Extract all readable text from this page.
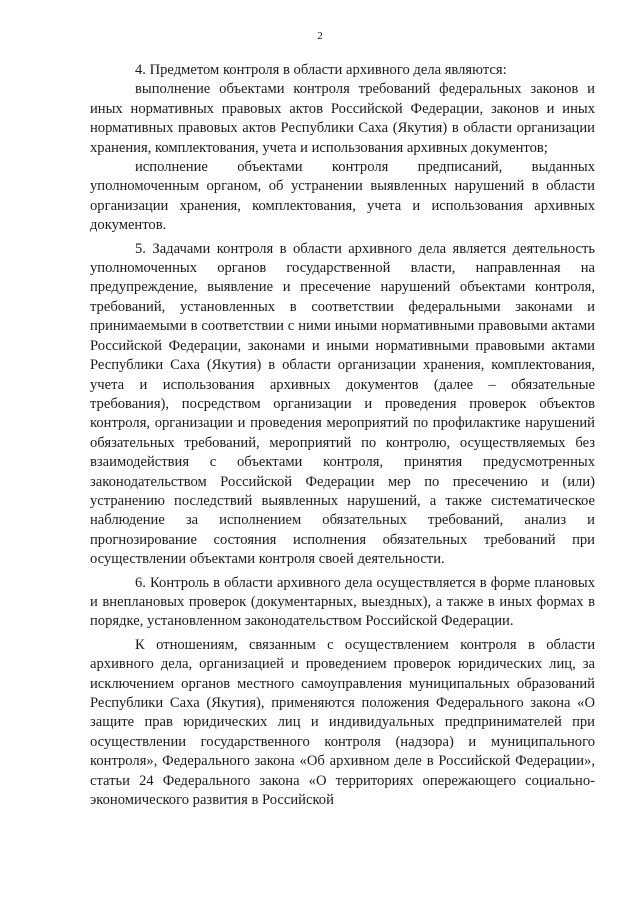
2

4. Предметом контроля в области архивного дела являются:

выполнение объектами контроля требований федеральных законов и иных нормативных правовых актов Российской Федерации, законов и иных нормативных правовых актов Республики Саха (Якутия) в области организации хранения, комплектования, учета и использования архивных документов;

исполнение объектами контроля предписаний, выданных уполномоченным органом, об устранении выявленных нарушений в области организации хранения, комплектования, учета и использования архивных документов.

5. Задачами контроля в области архивного дела является деятельность уполномоченных органов государственной власти, направленная на предупреждение, выявление и пресечение нарушений объектами контроля, требований, установленных в соответствии федеральными законами и принимаемыми в соответствии с ними иными нормативными правовыми актами Российской Федерации, законами и иными нормативными правовыми актами Республики Саха (Якутия) в области организации хранения, комплектования, учета и использования архивных документов (далее – обязательные требования), посредством организации и проведения проверок объектов контроля, организации и проведения мероприятий по профилактике нарушений обязательных требований, мероприятий по контролю, осуществляемых без взаимодействия с объектами контроля, принятия предусмотренных законодательством Российской Федерации мер по пресечению и (или) устранению последствий выявленных нарушений, а также систематическое наблюдение за исполнением обязательных требований, анализ и прогнозирование состояния исполнения обязательных требований при осуществлении объектами контроля своей деятельности.

6. Контроль в области архивного дела осуществляется в форме плановых и внеплановых проверок (документарных, выездных), а также в иных формах в порядке, установленном законодательством Российской Федерации.

К отношениям, связанным с осуществлением контроля в области архивного дела, организацией и проведением проверок юридических лиц, за исключением органов местного самоуправления муниципальных образований Республики Саха (Якутия), применяются положения Федерального закона «О защите прав юридических лиц и индивидуальных предпринимателей при осуществлении государственного контроля (надзора) и муниципального контроля», Федерального закона «Об архивном деле в Российской Федерации», статьи 24 Федерального закона «О территориях опережающего социально-экономического развития в Российской
